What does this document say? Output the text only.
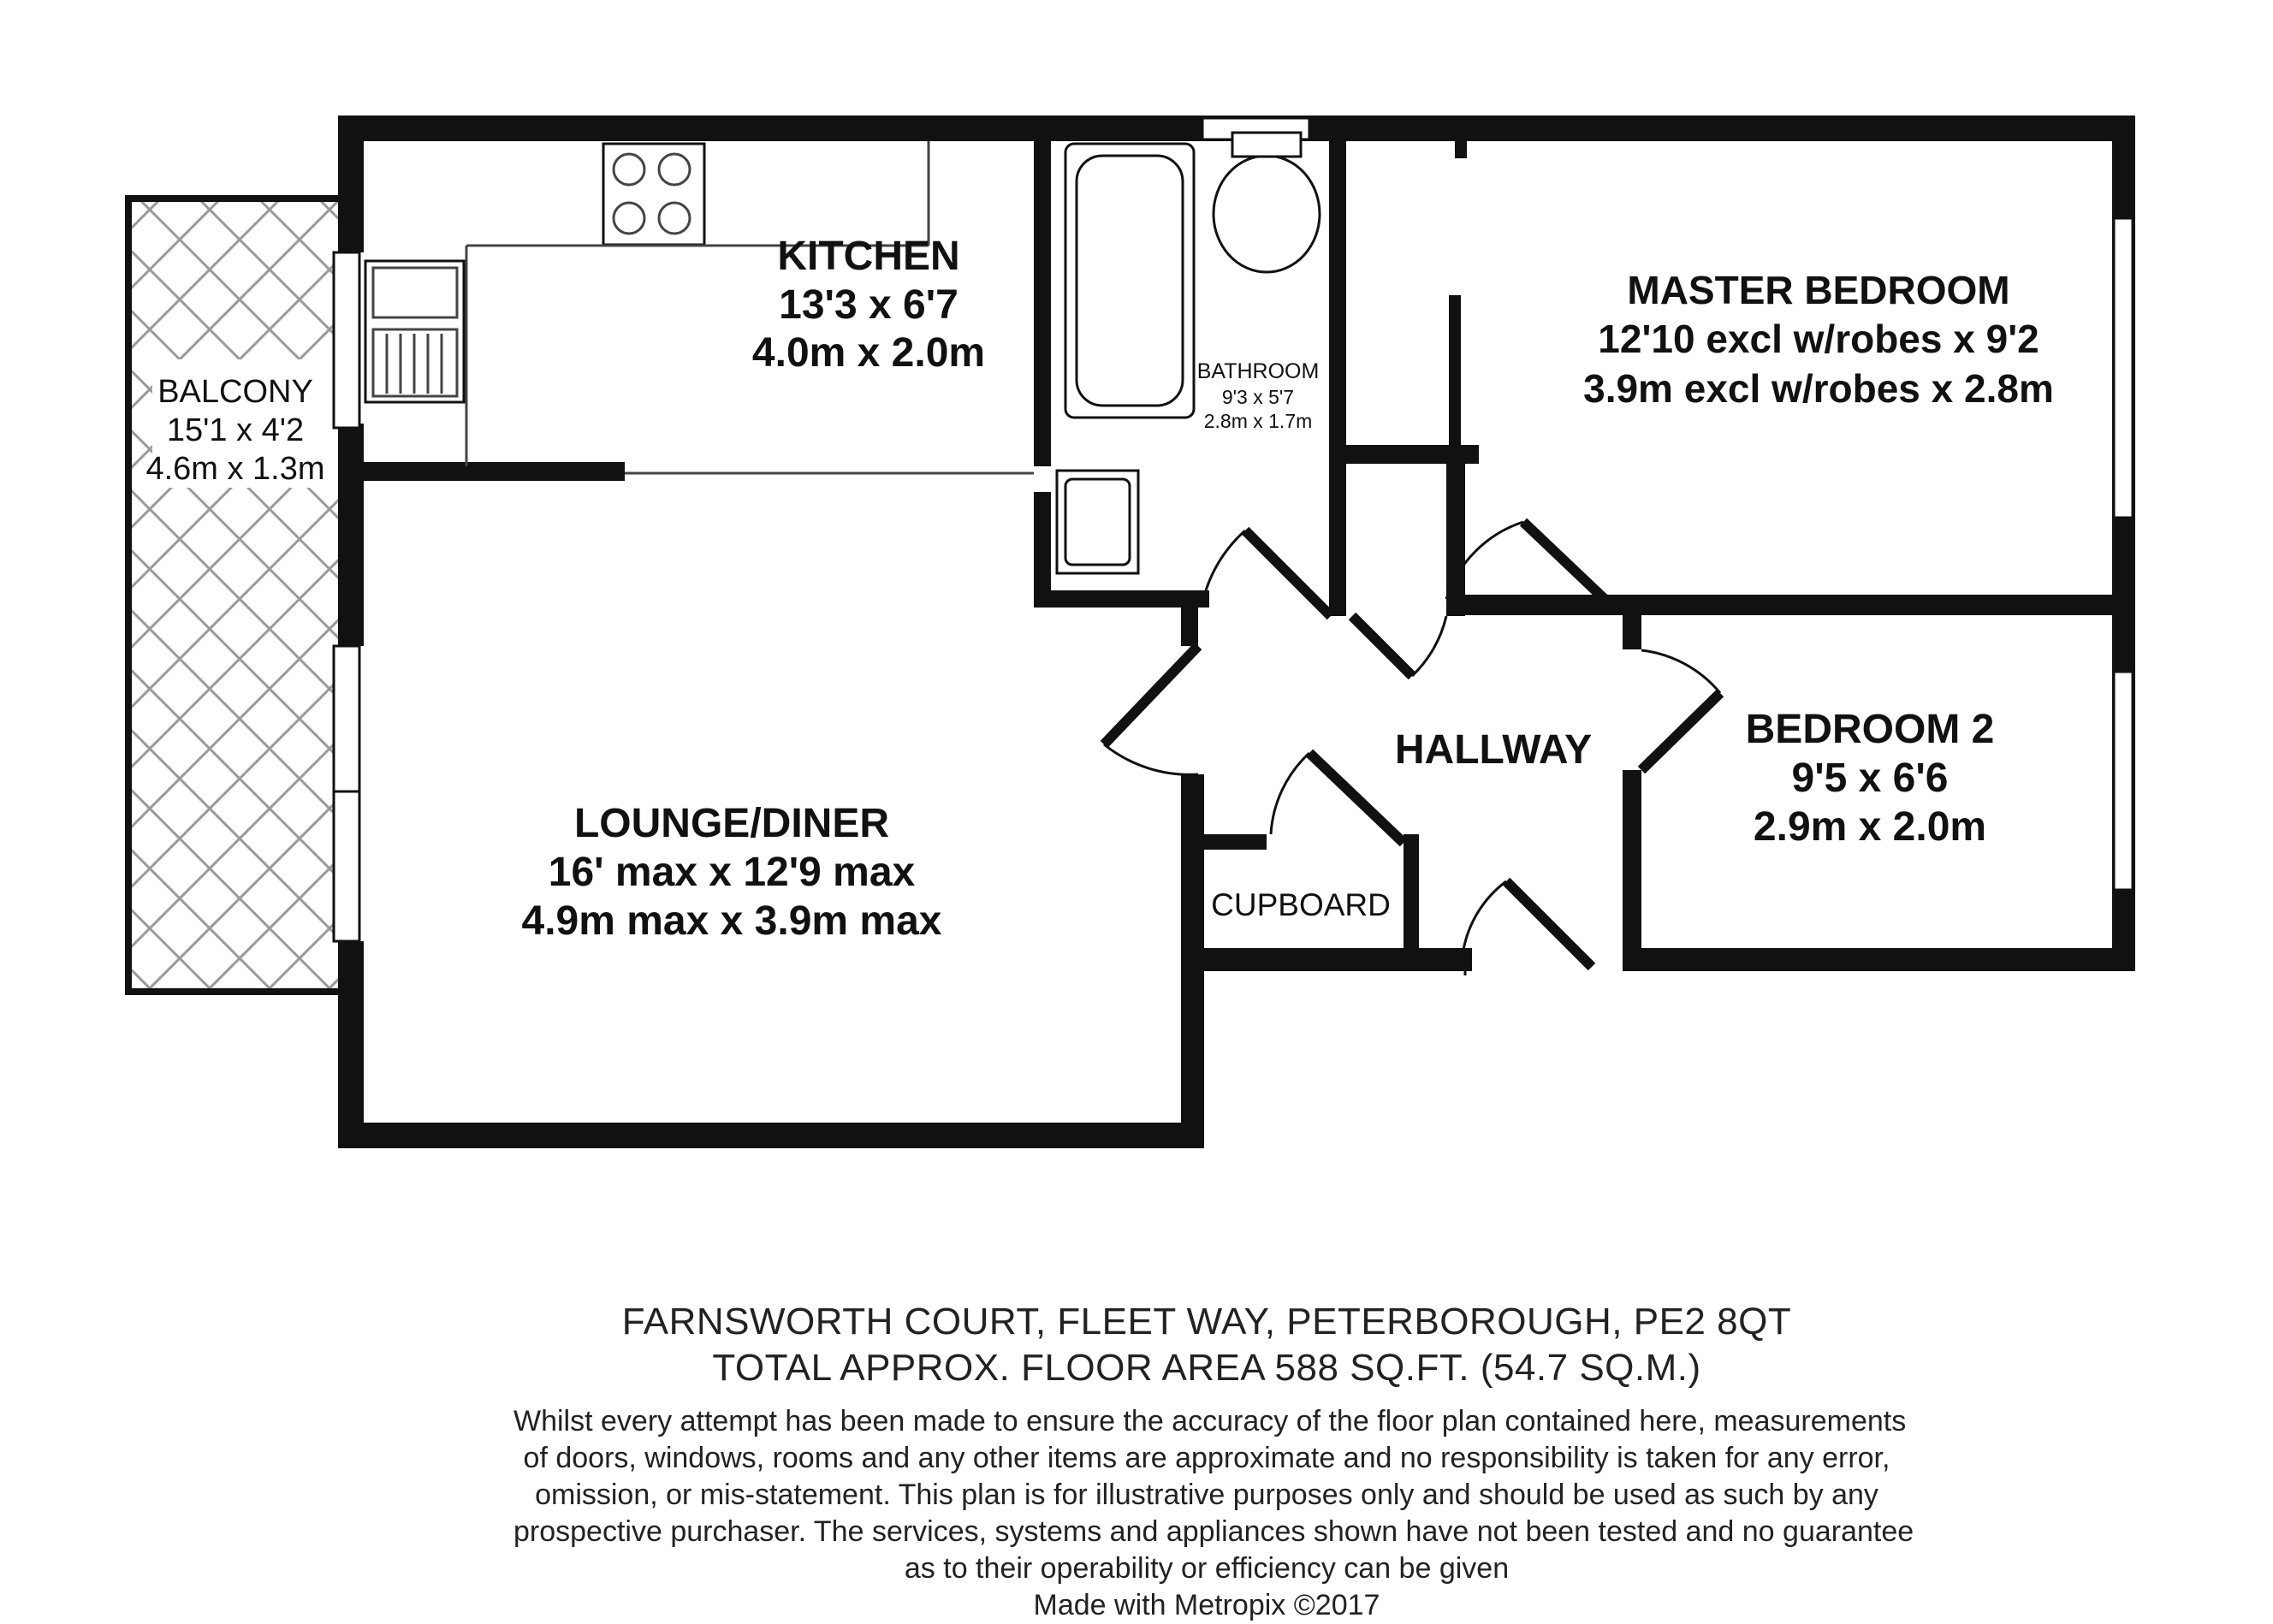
KITCHEN
13'3 x 6'7
4.0m x 2.0m	BATHROOM
9'3 x 5'7
2.8m x 1.7m
MASTER BEDROOM
12'10 excl w/robes x 9'2
3.9m excl w/robes x 2.8m
BALCONY
15'1 x 4'2
4.6m x 1.3m
HALLWAY	BEDROOM 2
9'5 x 6'6
2.9m x 2.0m
LOUNGE/DINER
16' max x 12'9 max
4.9m max x 3.9m max	CUPBOARD
FARNSWORTH COURT, FLEET WAY, PETERBOROUGH, PE2 8QT
TOTAL APPROX. FLOOR AREA 588 SQ.FT. (54.7 SQ.M.)
Whilst every attempt has been made to ensure the accuracy of the floor plan contained here, measurements
of doors, windows, rooms and any other items are approximate and no responsibility is taken for any error,
omission, or mis-statement. This plan is for illustrative purposes only and should be used as such by any
prospective purchaser. The services, systems and appliances shown have not been tested and no guarantee
as to their operability or efficiency can be given
Made with Metropix ©2017
